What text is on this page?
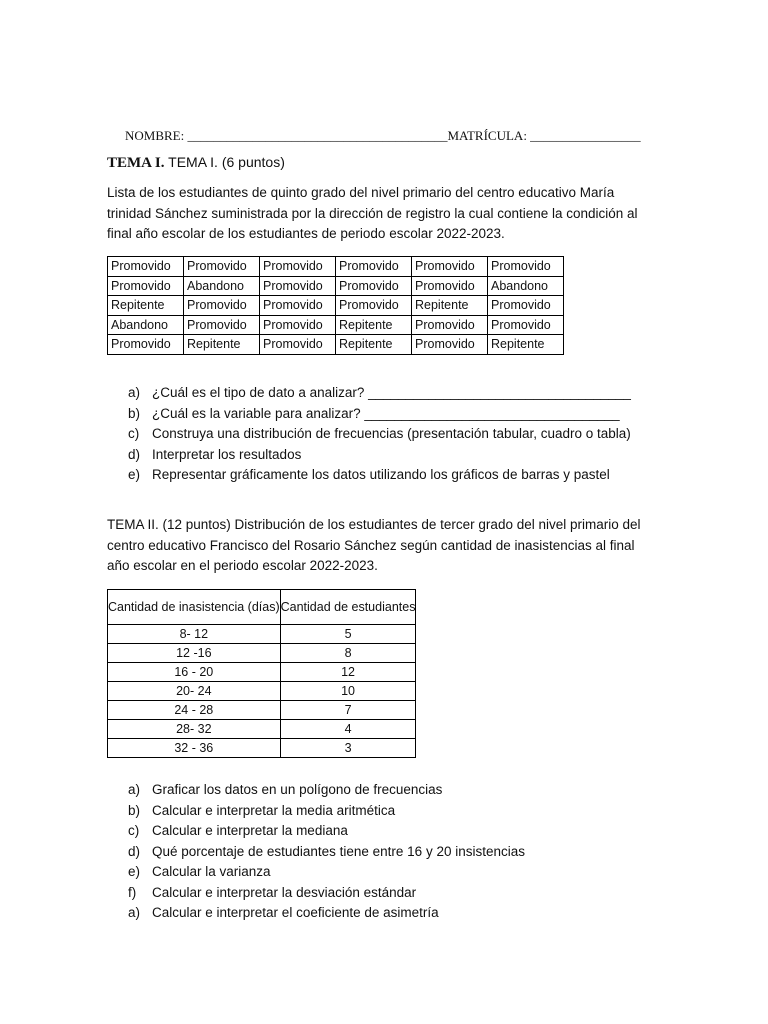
NOMBRE: ________________________________________MATRÍCULA: _________________
TEMA I. TEMA I. (6 puntos)
Lista de los estudiantes de quinto grado del nivel primario del centro educativo María trinidad Sánchez suministrada por la dirección de registro la cual contiene la condición al final año escolar de los estudiantes de periodo escolar 2022-2023.
Promovido	Promovido	Promovido	Promovido	Promovido	Promovido
Promovido	Abandono	Promovido	Promovido	Promovido	Abandono
Repitente	Promovido	Promovido	Promovido	Repitente	Promovido
Abandono	Promovido	Promovido	Repitente	Promovido	Promovido
Promovido	Repitente	Promovido	Repitente	Promovido	Repitente
a) ¿Cuál es el tipo de dato a analizar? ___________________________________
b) ¿Cuál es la variable para analizar? __________________________________
c) Construya una distribución de frecuencias (presentación tabular, cuadro o tabla)
d) Interpretar los resultados
e) Representar gráficamente los datos utilizando los gráficos de barras y pastel
TEMA II. (12 puntos) Distribución de los estudiantes de tercer grado del nivel primario del centro educativo Francisco del Rosario Sánchez según cantidad de inasistencias al final año escolar en el periodo escolar 2022-2023.
Cantidad de inasistencia (días)	Cantidad de estudiantes
8- 12	5
12 -16	8
16 - 20	12
20- 24	10
24 - 28	7
28- 32	4
32 - 36	3
a) Graficar los datos en un polígono de frecuencias
b) Calcular e interpretar la media aritmética
c) Calcular e interpretar la mediana
d) Qué porcentaje de estudiantes tiene entre 16 y 20 insistencias
e) Calcular la varianza
f) Calcular e interpretar la desviación estándar
a) Calcular e interpretar el coeficiente de asimetría
